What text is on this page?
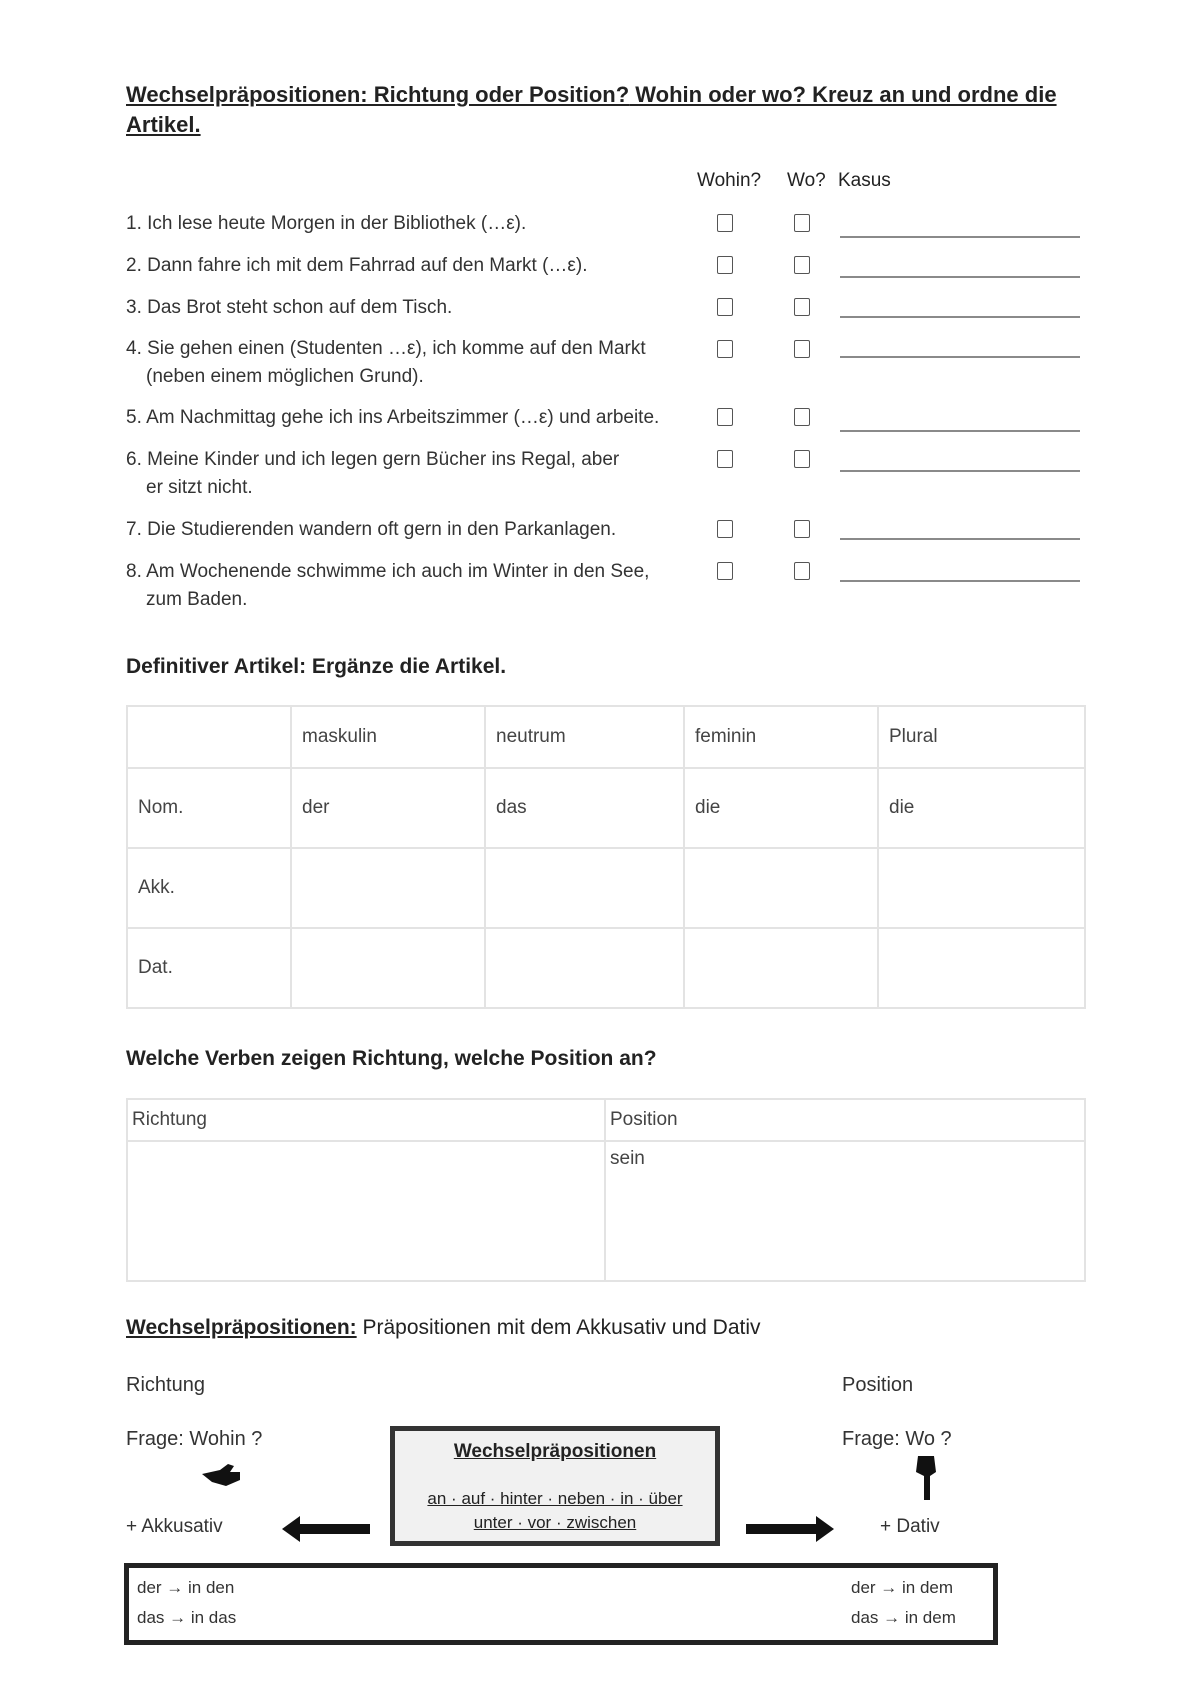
Wechselpräpositionen: Richtung oder Position? Wohin oder wo? Kreuz an und ordne die Artikel.
Wohin? Wo? Kasus
1. Ich lese heute Morgen in der Bibliothek (…ε).
2. Dann fahre ich mit dem Fahrrad auf den Markt (…ε).
3. Das Brot steht schon auf dem Tisch.
4. Sie gehen einen (Studenten …ε), ich komme auf den Markt
(neben einem möglichen Grund).
5. Am Nachmittag gehe ich ins Arbeitszimmer (…ε) und arbeite.
6. Meine Kinder und ich legen gern Bücher ins Regal, aber
er sitzt nicht.
7. Die Studierenden wandern oft gern in den Parkanlagen.
8. Am Wochenende schwimme ich auch im Winter in den See,
zum Baden.
Definitiver Artikel: Ergänze die Artikel.
	maskulin	neutrum	feminin	Plural
Nom.	der	das	die	die
Akk.				
Dat.				
Welche Verben zeigen Richtung, welche Position an?
Richtung	Position
	sein
Wechselpräpositionen: Präpositionen mit dem Akkusativ und Dativ
Richtung	Position
Frage: Wohin ?	Frage: Wo ?
+ Akkusativ	+ Dativ
Wechselpräpositionen
an · auf · hinter · neben · in · über
unter · vor · zwischen
der → in den
das → in das
der → in dem
das → in dem
